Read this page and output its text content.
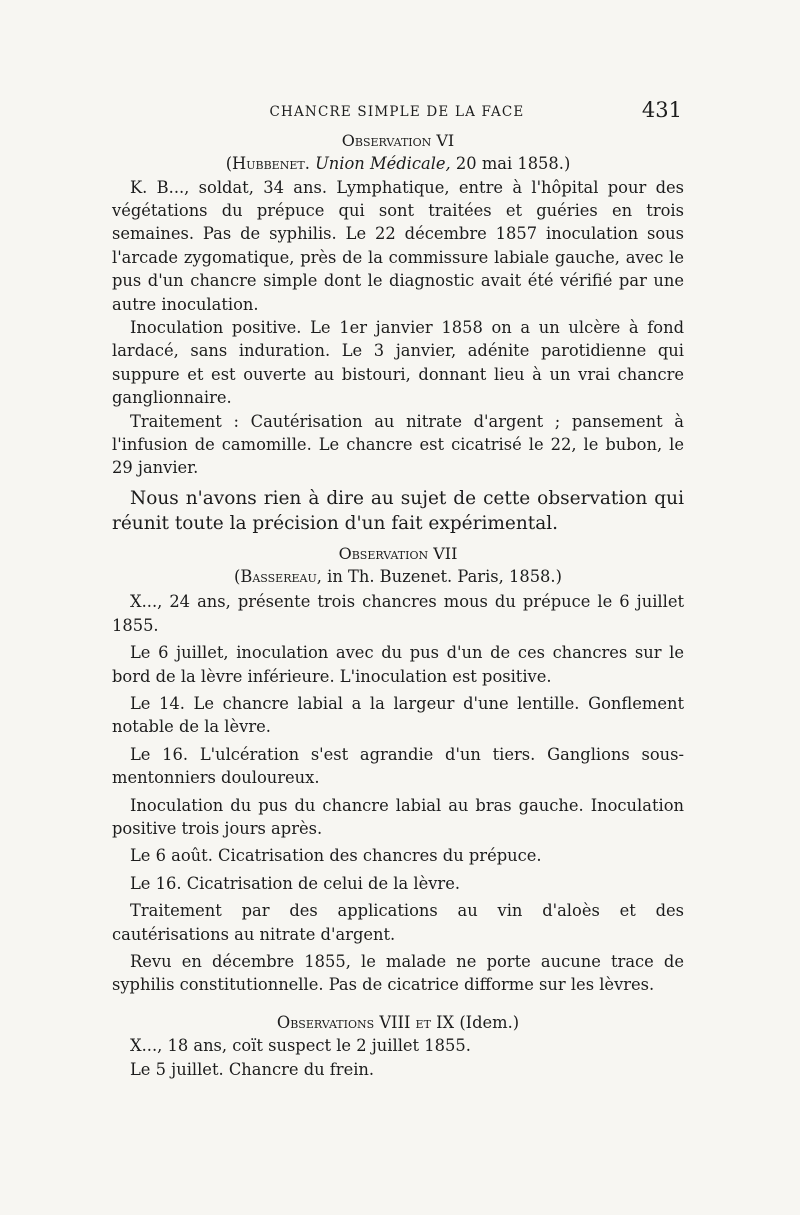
CHANCRE SIMPLE DE LA FACE	431
Observation VI
(Hubbenet. Union Médicale, 20 mai 1858.)

K. B..., soldat, 34 ans. Lymphatique, entre à l'hôpital pour des végétations du prépuce qui sont traitées et guéries en trois semaines. Pas de syphilis. Le 22 décembre 1857 inoculation sous l'arcade zygomatique, près de la commissure labiale gauche, avec le pus d'un chancre simple dont le diagnostic avait été vérifié par une autre inoculation.

Inoculation positive. Le 1er janvier 1858 on a un ulcère à fond lardacé, sans induration. Le 3 janvier, adénite parotidienne qui suppure et est ouverte au bistouri, donnant lieu à un vrai chancre ganglionnaire.

Traitement : Cautérisation au nitrate d'argent ; pansement à l'infusion de camomille. Le chancre est cicatrisé le 22, le bubon, le 29 janvier.

Nous n'avons rien à dire au sujet de cette observation qui réunit toute la précision d'un fait expérimental.

Observation VII
(Bassereau, in Th. Buzenet. Paris, 1858.)

X..., 24 ans, présente trois chancres mous du prépuce le 6 juillet 1855.

Le 6 juillet, inoculation avec du pus d'un de ces chancres sur le bord de la lèvre inférieure. L'inoculation est positive.

Le 14. Le chancre labial a la largeur d'une lentille. Gonflement notable de la lèvre.

Le 16. L'ulcération s'est agrandie d'un tiers. Ganglions sous-mentonniers douloureux.

Inoculation du pus du chancre labial au bras gauche. Inoculation positive trois jours après.

Le 6 août. Cicatrisation des chancres du prépuce.

Le 16. Cicatrisation de celui de la lèvre.

Traitement par des applications au vin d'aloès et des cautérisations au nitrate d'argent.

Revu en décembre 1855, le malade ne porte aucune trace de syphilis constitutionnelle. Pas de cicatrice difforme sur les lèvres.

Observations VIII et IX (Idem.)

X..., 18 ans, coït suspect le 2 juillet 1855.

Le 5 juillet. Chancre du frein.
